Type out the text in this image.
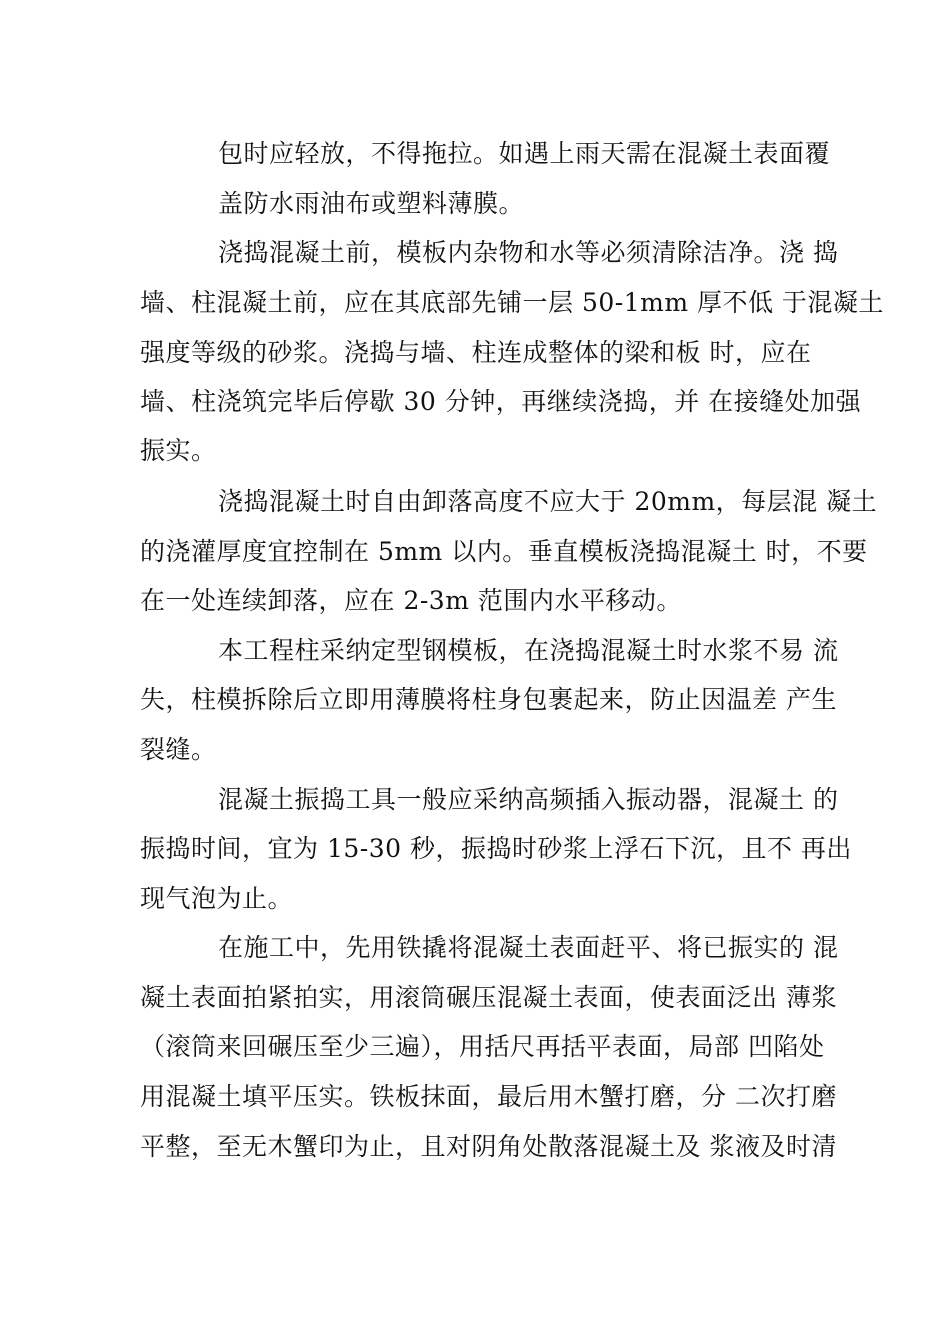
包时应轻放，不得拖拉。如遇上雨天需在混凝土表面覆
盖防水雨油布或塑料薄膜。
浇捣混凝土前，模板内杂物和水等必须清除洁净。浇 捣
墙、柱混凝土前，应在其底部先铺一层 50-1mm 厚不低 于混凝土
强度等级的砂浆。浇捣与墙、柱连成整体的梁和板 时，应在
墙、柱浇筑完毕后停歇 30 分钟，再继续浇捣，并 在接缝处加强
振实。
浇捣混凝土时自由卸落高度不应大于 20mm，每层混 凝土
的浇灌厚度宜控制在 5mm 以内。垂直模板浇捣混凝土 时，不要
在一处连续卸落，应在 2-3m 范围内水平移动。
本工程柱采纳定型钢模板，在浇捣混凝土时水浆不易 流
失，柱模拆除后立即用薄膜将柱身包裹起来，防止因温差 产生
裂缝。
混凝土振捣工具一般应采纳高频插入振动器，混凝土 的
振捣时间，宜为 15-30 秒，振捣时砂浆上浮石下沉，且不 再出
现气泡为止。
在施工中，先用铁撬将混凝土表面赶平、将已振实的 混
凝土表面拍紧拍实，用滚筒碾压混凝土表面，使表面泛出 薄浆
（滚筒来回碾压至少三遍），用括尺再括平表面，局部 凹陷处
用混凝土填平压实。铁板抹面，最后用木蟹打磨，分 二次打磨
平整，至无木蟹印为止，且对阴角处散落混凝土及 浆液及时清
